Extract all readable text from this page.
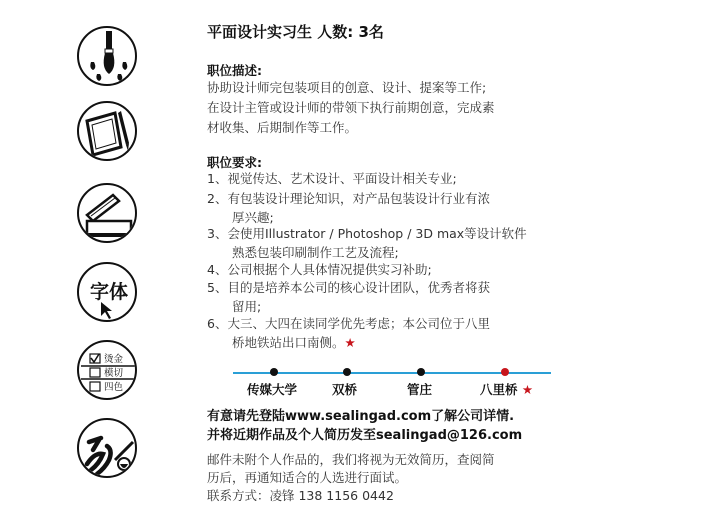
字体
烫金
模切
四色
平面设计实习生 人数: 3名
职位描述:
协助设计师完包装项目的创意、设计、提案等工作;
在设计主管或设计师的带领下执行前期创意，完成素
材收集、后期制作等工作。
职位要求:
1、视觉传达、艺术设计、平面设计相关专业;
2、有包装设计理论知识，对产品包装设计行业有浓
厚兴趣;
3、会使用Illustrator / Photoshop / 3D max等设计软件
熟悉包装印刷制作工艺及流程;
4、公司根据个人具体情况提供实习补助;
5、目的是培养本公司的核心设计团队，优秀者将获
留用;
6、大三、大四在读同学优先考虑；本公司位于八里
桥地铁站出口南侧。★
传媒大学	双桥	管庄	八里桥 ★
有意请先登陆www.sealingad.com了解公司详情.
并将近期作品及个人简历发至sealingad@126.com
邮件未附个人作品的，我们将视为无效简历，查阅简
历后，再通知适合的人选进行面试。
联系方式：凌锋 138 1156 0442
